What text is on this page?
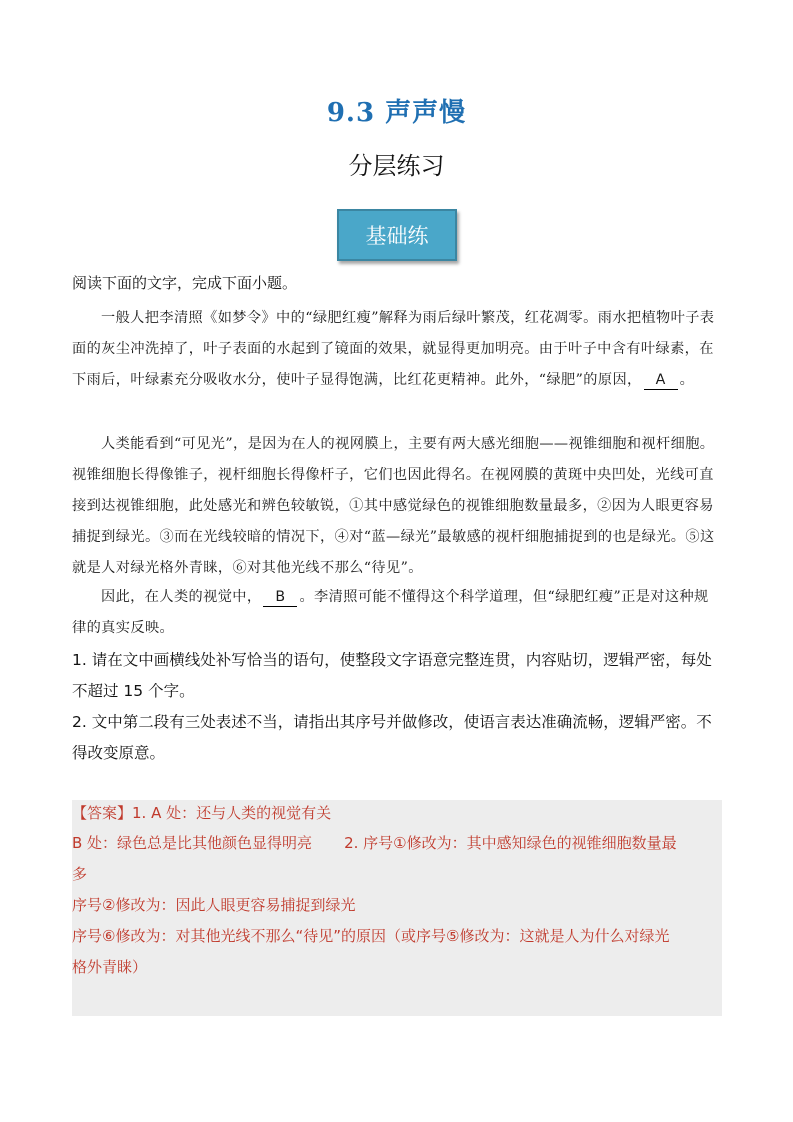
9.3 声声慢
分层练习
基础练
阅读下面的文字，完成下面小题。
一般人把李清照《如梦令》中的“绿肥红瘦”解释为雨后绿叶繁茂，红花凋零。雨水把植物叶子表面的灰尘冲洗掉了，叶子表面的水起到了镜面的效果，就显得更加明亮。由于叶子中含有叶绿素，在下雨后，叶绿素充分吸收水分，使叶子显得饱满，比红花更精神。此外，“绿肥”的原因， A 。
人类能看到“可见光”，是因为在人的视网膜上，主要有两大感光细胞——视锥细胞和视杆细胞。视锥细胞长得像锥子，视杆细胞长得像杆子，它们也因此得名。在视网膜的黄斑中央凹处，光线可直接到达视锥细胞，此处感光和辨色较敏锐，①其中感觉绿色的视锥细胞数量最多，②因为人眼更容易捕捉到绿光。③而在光线较暗的情况下，④对“蓝—绿光”最敏感的视杆细胞捕捉到的也是绿光。⑤这就是人对绿光格外青睐，⑥对其他光线不那么“待见”。
因此，在人类的视觉中， B 。李清照可能不懂得这个科学道理，但“绿肥红瘦”正是对这种规律的真实反映。
1. 请在文中画横线处补写恰当的语句，使整段文字语意完整连贯，内容贴切，逻辑严密，每处不超过 15 个字。
2. 文中第二段有三处表述不当，请指出其序号并做修改，使语言表达准确流畅，逻辑严密。不得改变原意。
【答案】1. A 处：还与人类的视觉有关
B 处：绿色总是比其他颜色显得明亮 2. 序号①修改为：其中感知绿色的视锥细胞数量最
多
序号②修改为：因此人眼更容易捕捉到绿光
序号⑥修改为：对其他光线不那么“待见”的原因（或序号⑤修改为：这就是人为什么对绿光
格外青睐）
